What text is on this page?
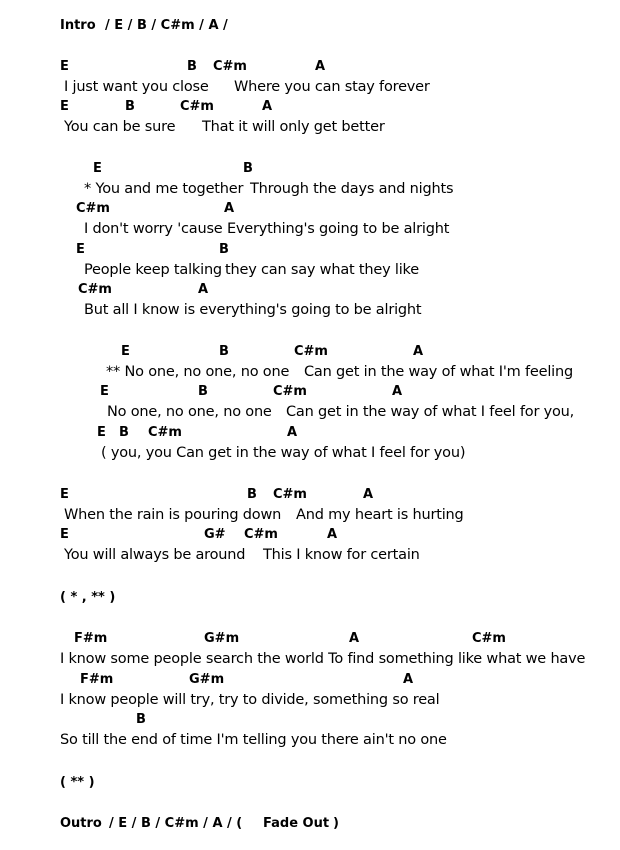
Intro / E / B / C#m / A /
E	B C#m	A
I just want you close Where you can stay forever
E	B	C#m	A
You can be sure That it will only get better
E	B
* You and me together Through the days and nights
C#m	A
I don't worry 'cause Everything's going to be alright
E	B
People keep talking they can say what they like
C#m	A
But all I know is everything's going to be alright
E	B	C#m	A
** No one, no one, no one Can get in the way of what I'm feeling
E	B	C#m	A
No one, no one, no one Can get in the way of what I feel for you,
E B C#m	A
( you, you Can get in the way of what I feel for you)
E	B C#m	A
When the rain is pouring down And my heart is hurting
E	G# C#m	A
You will always be around This I know for certain
( * , ** )
F#m	G#m	A	C#m
I know some people search the world To find something like what we have
F#m	G#m	A
I know people will try, try to divide, something so real
B
So till the end of time I'm telling you there ain't no one
( ** )
Outro / E / B / C#m / A / ( Fade Out )
